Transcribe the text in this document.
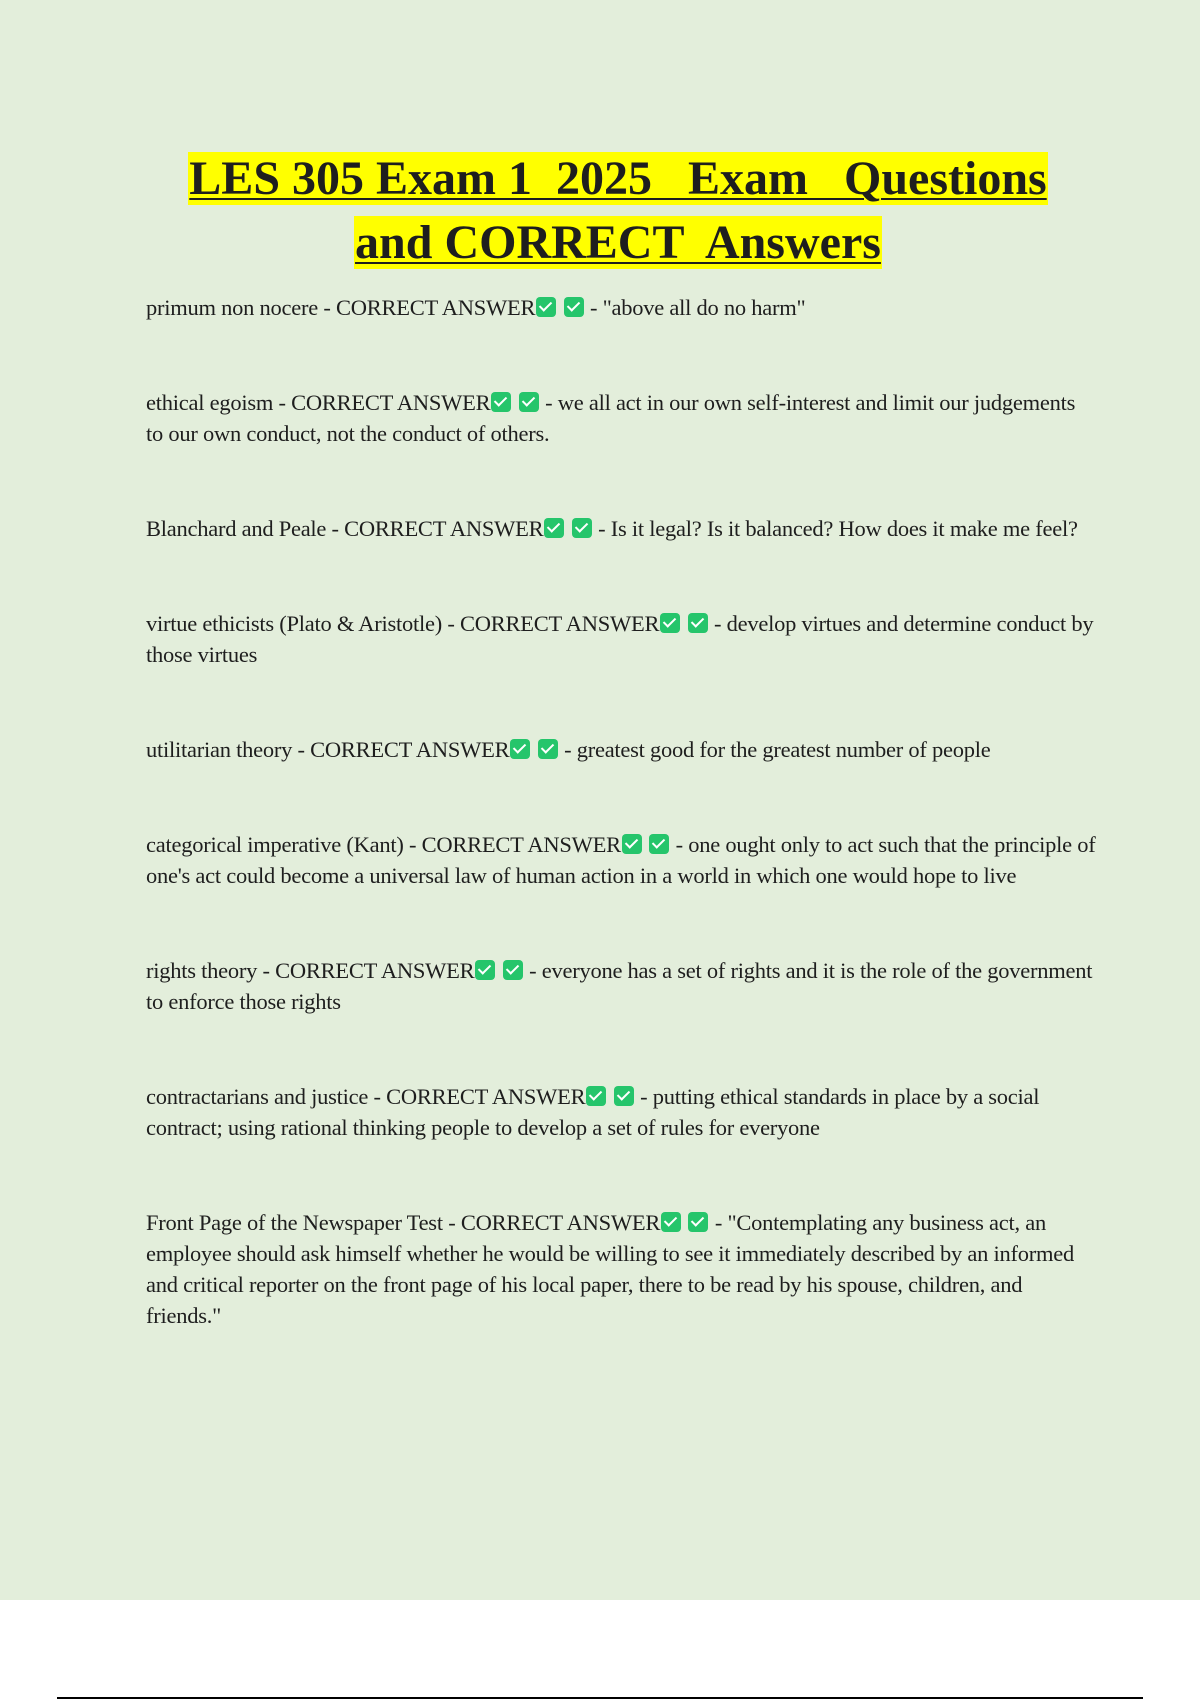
LES 305 Exam 1  2025   Exam   Questions
and CORRECT  Answers

primum non nocere - CORRECT ANSWER  - "above all do no harm"

ethical egoism - CORRECT ANSWER  - we all act in our own self-interest and limit our judgements to our own conduct, not the conduct of others.

Blanchard and Peale - CORRECT ANSWER  - Is it legal? Is it balanced? How does it make me feel?

virtue ethicists (Plato & Aristotle) - CORRECT ANSWER  - develop virtues and determine conduct by those virtues

utilitarian theory - CORRECT ANSWER  - greatest good for the greatest number of people

categorical imperative (Kant) - CORRECT ANSWER  - one ought only to act such that the principle of one's act could become a universal law of human action in a world in which one would hope to live

rights theory - CORRECT ANSWER  - everyone has a set of rights and it is the role of the government to enforce those rights

contractarians and justice - CORRECT ANSWER  - putting ethical standards in place by a social contract; using rational thinking people to develop a set of rules for everyone

Front Page of the Newspaper Test - CORRECT ANSWER  - "Contemplating any business act, an employee should ask himself whether he would be willing to see it immediately described by an informed and critical reporter on the front page of his local paper, there to be read by his spouse, children, and friends."
